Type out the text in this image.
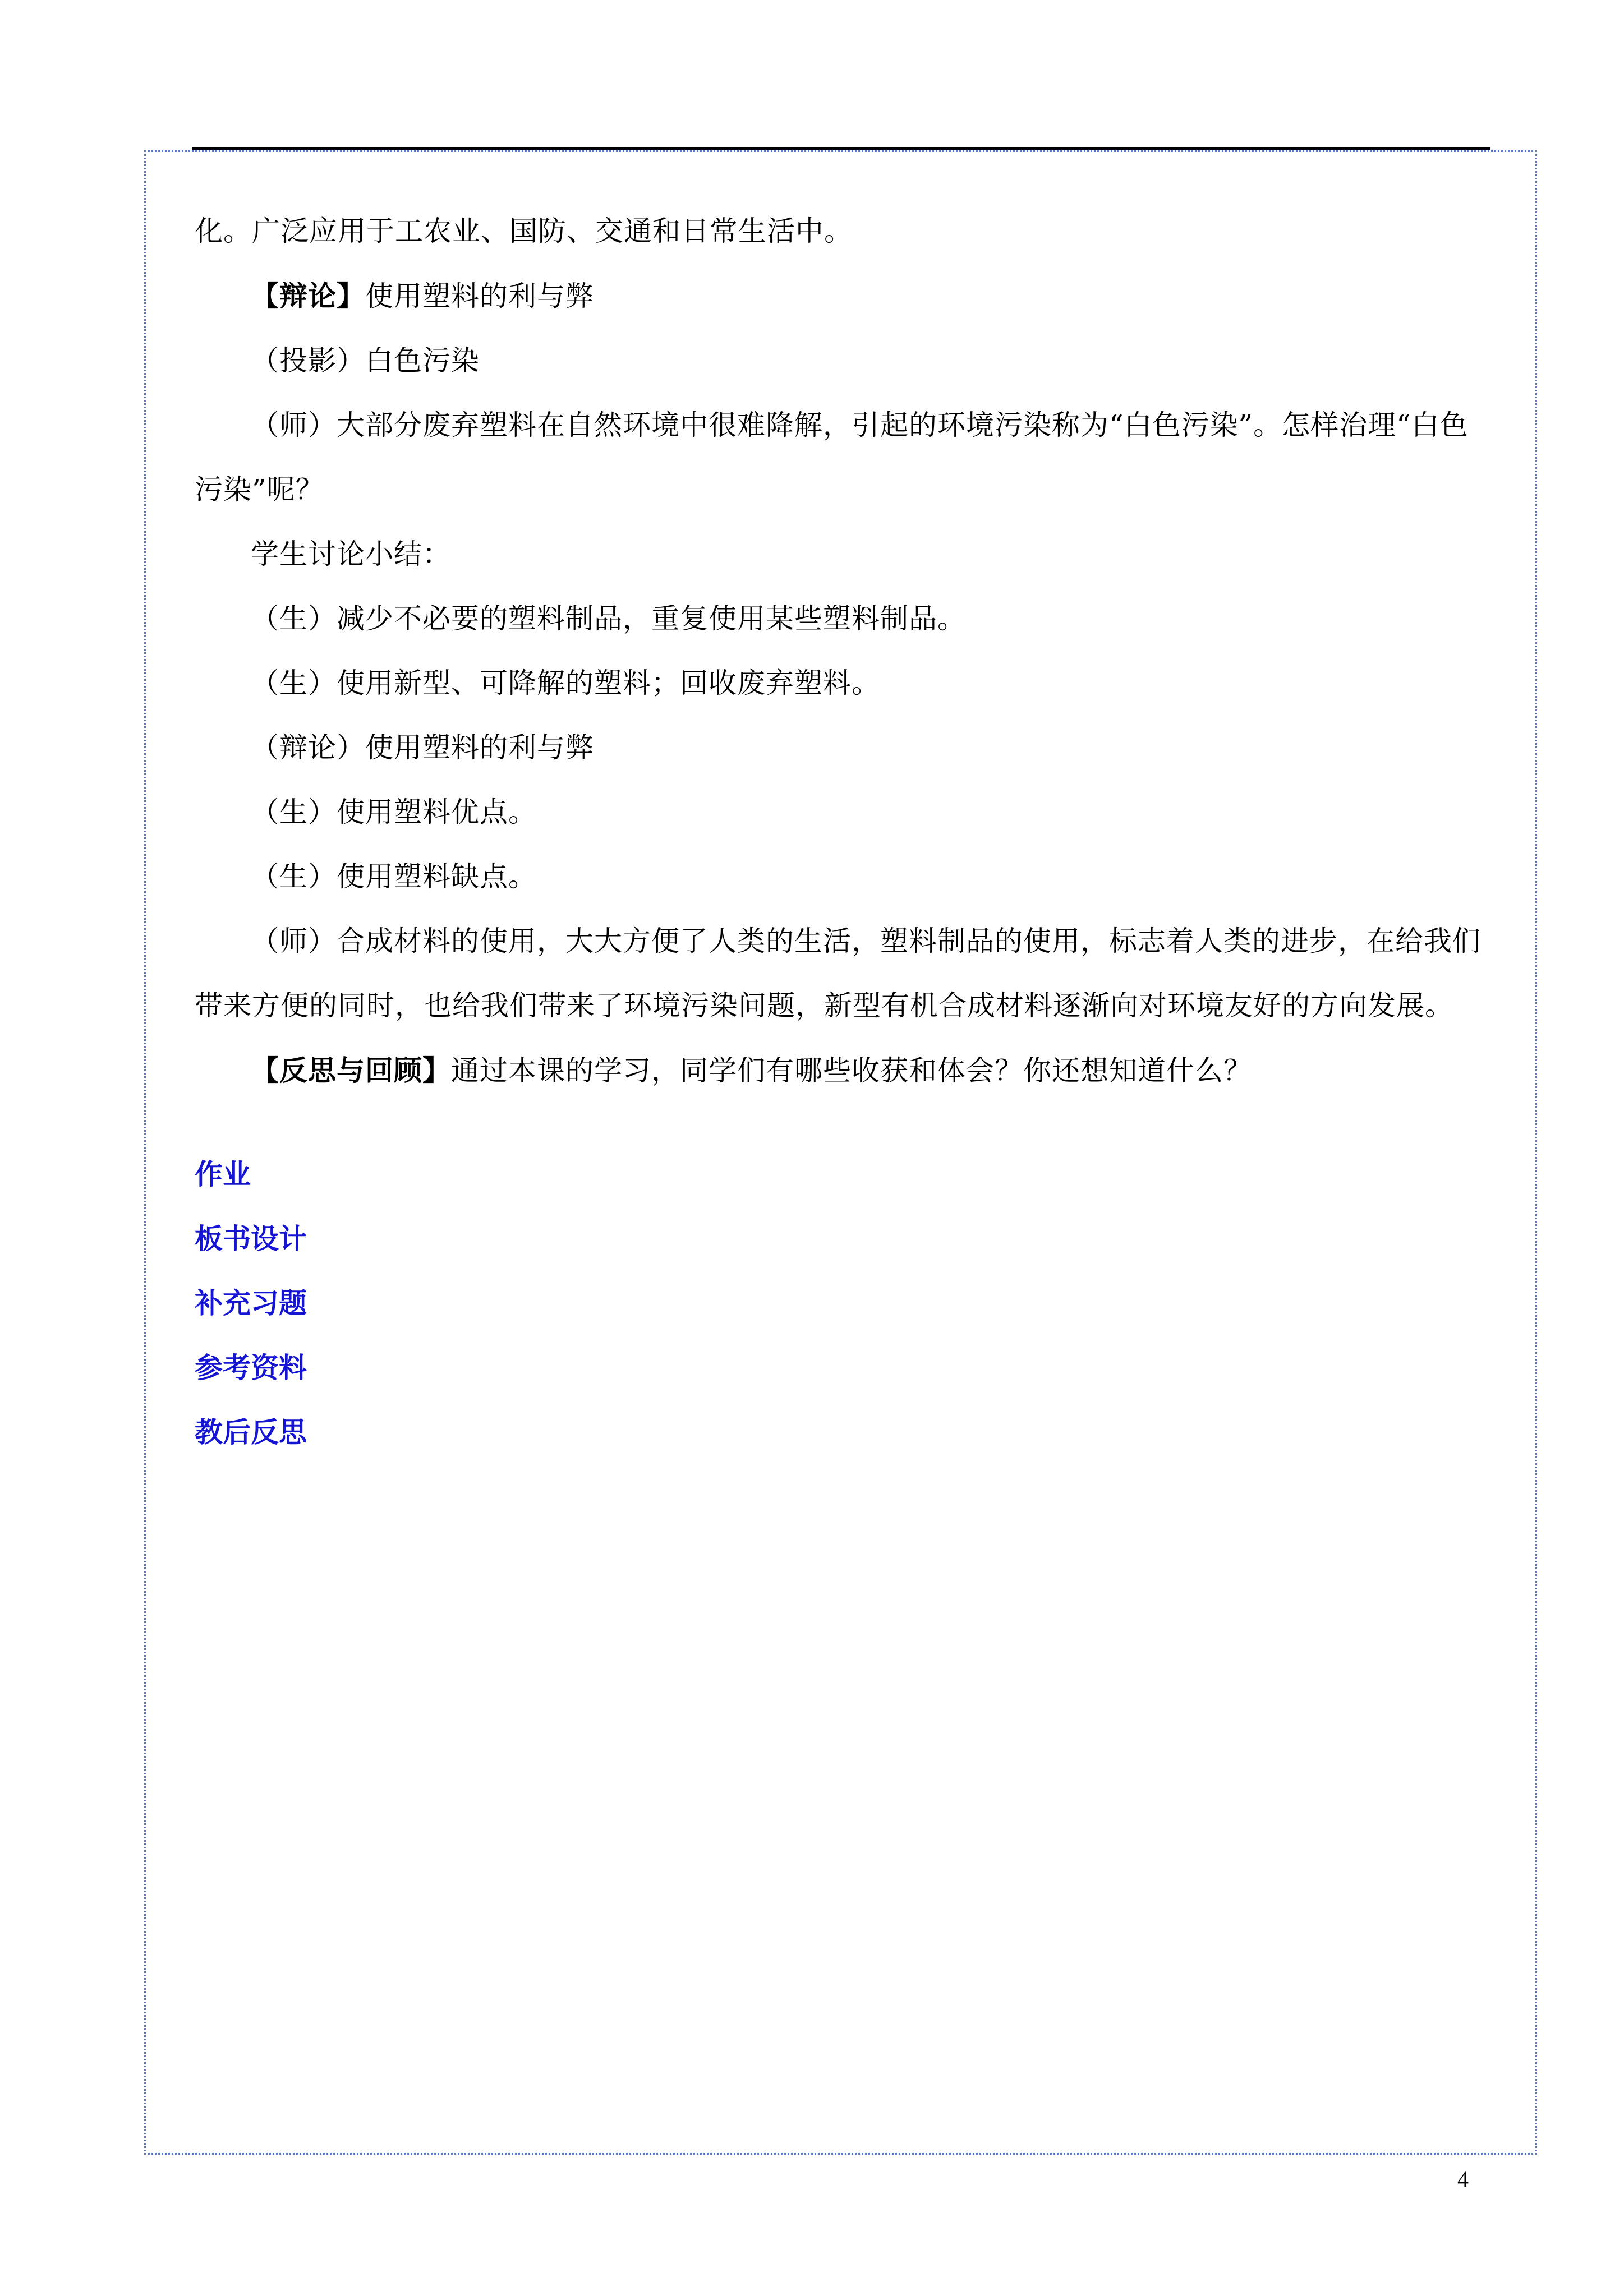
化。广泛应用于工农业、国防、交通和日常生活中。

【辩论】使用塑料的利与弊

（投影）白色污染

（师）大部分废弃塑料在自然环境中很难降解，引起的环境污染称为“白色污染”。怎样治理“白色污染”呢？

学生讨论小结：

（生）减少不必要的塑料制品，重复使用某些塑料制品。

（生）使用新型、可降解的塑料；回收废弃塑料。

（辩论）使用塑料的利与弊

（生）使用塑料优点。

（生）使用塑料缺点。

（师）合成材料的使用，大大方便了人类的生活，塑料制品的使用，标志着人类的进步，在给我们带来方便的同时，也给我们带来了环境污染问题，新型有机合成材料逐渐向对环境友好的方向发展。

【反思与回顾】通过本课的学习，同学们有哪些收获和体会？你还想知道什么？

作业
板书设计
补充习题
参考资料
教后反思
4
